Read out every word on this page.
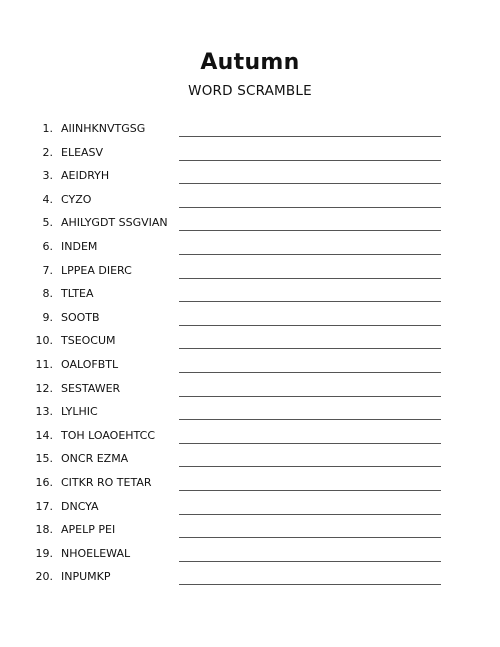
Autumn
WORD SCRAMBLE
1. AIINHKNVTGSG
2. ELEASV
3. AEIDRYH
4. CYZO
5. AHILYGDT SSGVIAN
6. INDEM
7. LPPEA DIERC
8. TLTEA
9. SOOTB
10. TSEOCUM
11. OALOFBTL
12. SESTAWER
13. LYLHIC
14. TOH LOAOEHTCC
15. ONCR EZMA
16. CITKR RO TETAR
17. DNCYA
18. APELP PEI
19. NHOELEWAL
20. INPUMKP
